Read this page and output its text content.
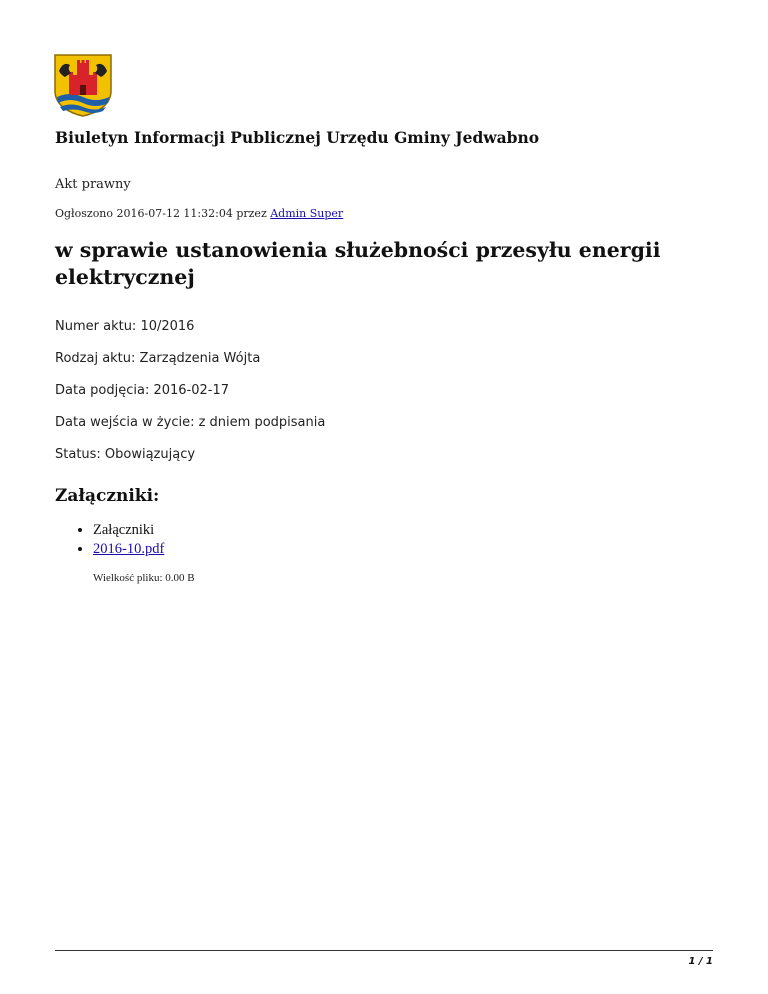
Biuletyn Informacji Publicznej Urzędu Gminy Jedwabno
Akt prawny
Ogłoszono 2016-07-12 11:32:04 przez Admin Super
w sprawie ustanowienia służebności przesyłu energii elektrycznej
Numer aktu: 10/2016
Rodzaj aktu: Zarządzenia Wójta
Data podjęcia: 2016-02-17
Data wejścia w życie: z dniem podpisania
Status: Obowiązujący
Załączniki:
• Załączniki
• 2016-10.pdf
Wielkość pliku: 0.00 B
1 / 1
